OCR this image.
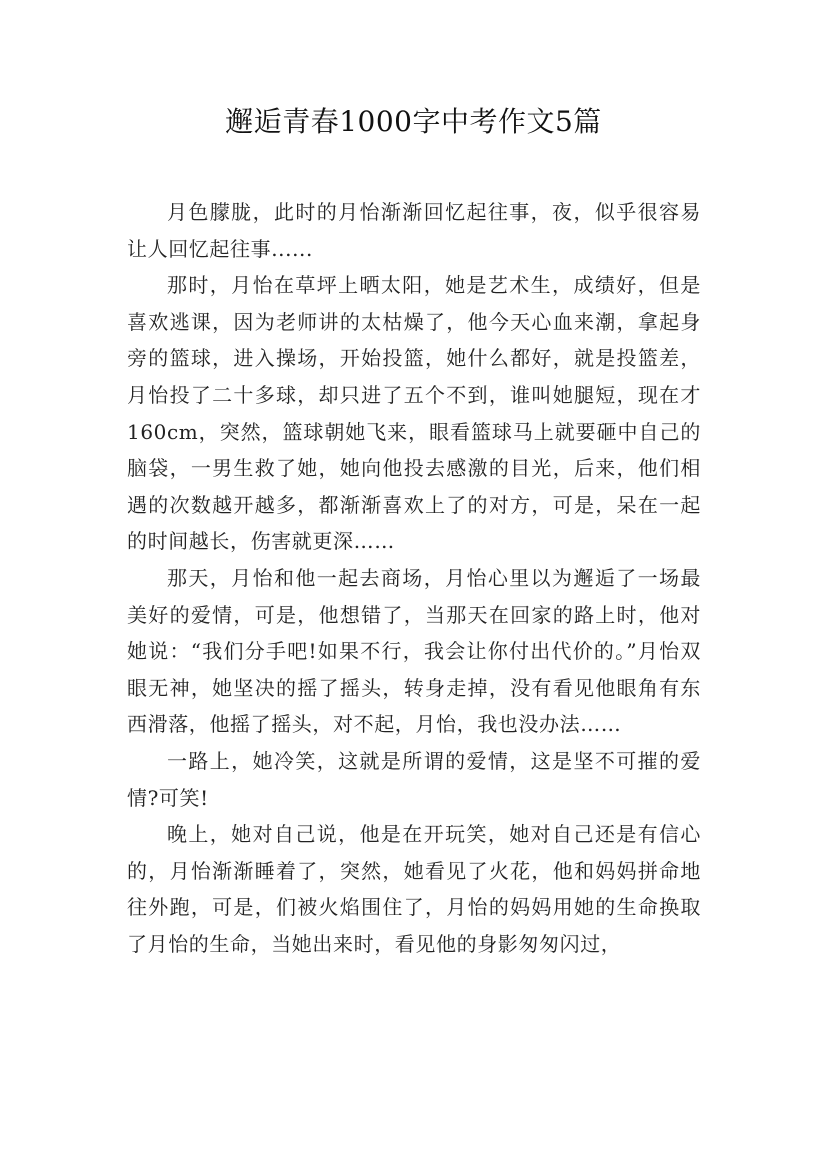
邂逅青春1000字中考作文5篇

月色朦胧，此时的月怡渐渐回忆起往事，夜，似乎很容易让人回忆起往事......

那时，月怡在草坪上晒太阳，她是艺术生，成绩好，但是喜欢逃课，因为老师讲的太枯燥了，他今天心血来潮，拿起身旁的篮球，进入操场，开始投篮，她什么都好，就是投篮差，月怡投了二十多球，却只进了五个不到，谁叫她腿短，现在才160cm，突然，篮球朝她飞来，眼看篮球马上就要砸中自己的脑袋，一男生救了她，她向他投去感激的目光，后来，他们相遇的次数越开越多，都渐渐喜欢上了的对方，可是，呆在一起的时间越长，伤害就更深……

那天，月怡和他一起去商场，月怡心里以为邂逅了一场最美好的爱情，可是，他想错了，当那天在回家的路上时，他对她说：“我们分手吧!如果不行，我会让你付出代价的。”月怡双眼无神，她坚决的摇了摇头，转身走掉，没有看见他眼角有东西滑落，他摇了摇头，对不起，月怡，我也没办法……

一路上，她冷笑，这就是所谓的爱情，这是坚不可摧的爱情?可笑!

晚上，她对自己说，他是在开玩笑，她对自己还是有信心的，月怡渐渐睡着了，突然，她看见了火花，他和妈妈拼命地往外跑，可是，们被火焰围住了，月怡的妈妈用她的生命换取了月怡的生命，当她出来时，看见他的身影匆匆闪过，
